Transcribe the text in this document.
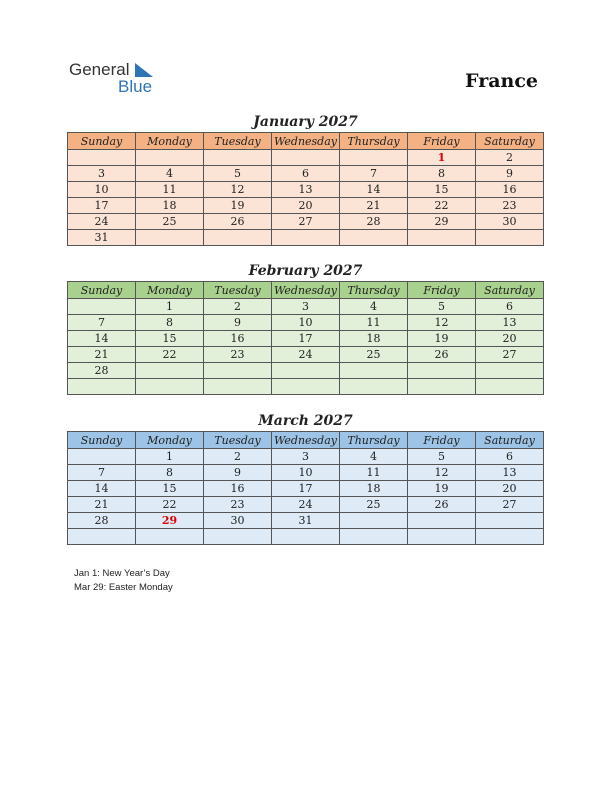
General
Blue	France
January 2027
Sunday	Monday	Tuesday	Wednesday	Thursday	Friday	Saturday
					1	2
3	4	5	6	7	8	9
10	11	12	13	14	15	16
17	18	19	20	21	22	23
24	25	26	27	28	29	30
31						
February 2027
Sunday	Monday	Tuesday	Wednesday	Thursday	Friday	Saturday
	1	2	3	4	5	6
7	8	9	10	11	12	13
14	15	16	17	18	19	20
21	22	23	24	25	26	27
28						

March 2027
Sunday	Monday	Tuesday	Wednesday	Thursday	Friday	Saturday
	1	2	3	4	5	6
7	8	9	10	11	12	13
14	15	16	17	18	19	20
21	22	23	24	25	26	27
28	29	30	31			

Jan 1: New Year’s Day
Mar 29: Easter Monday
